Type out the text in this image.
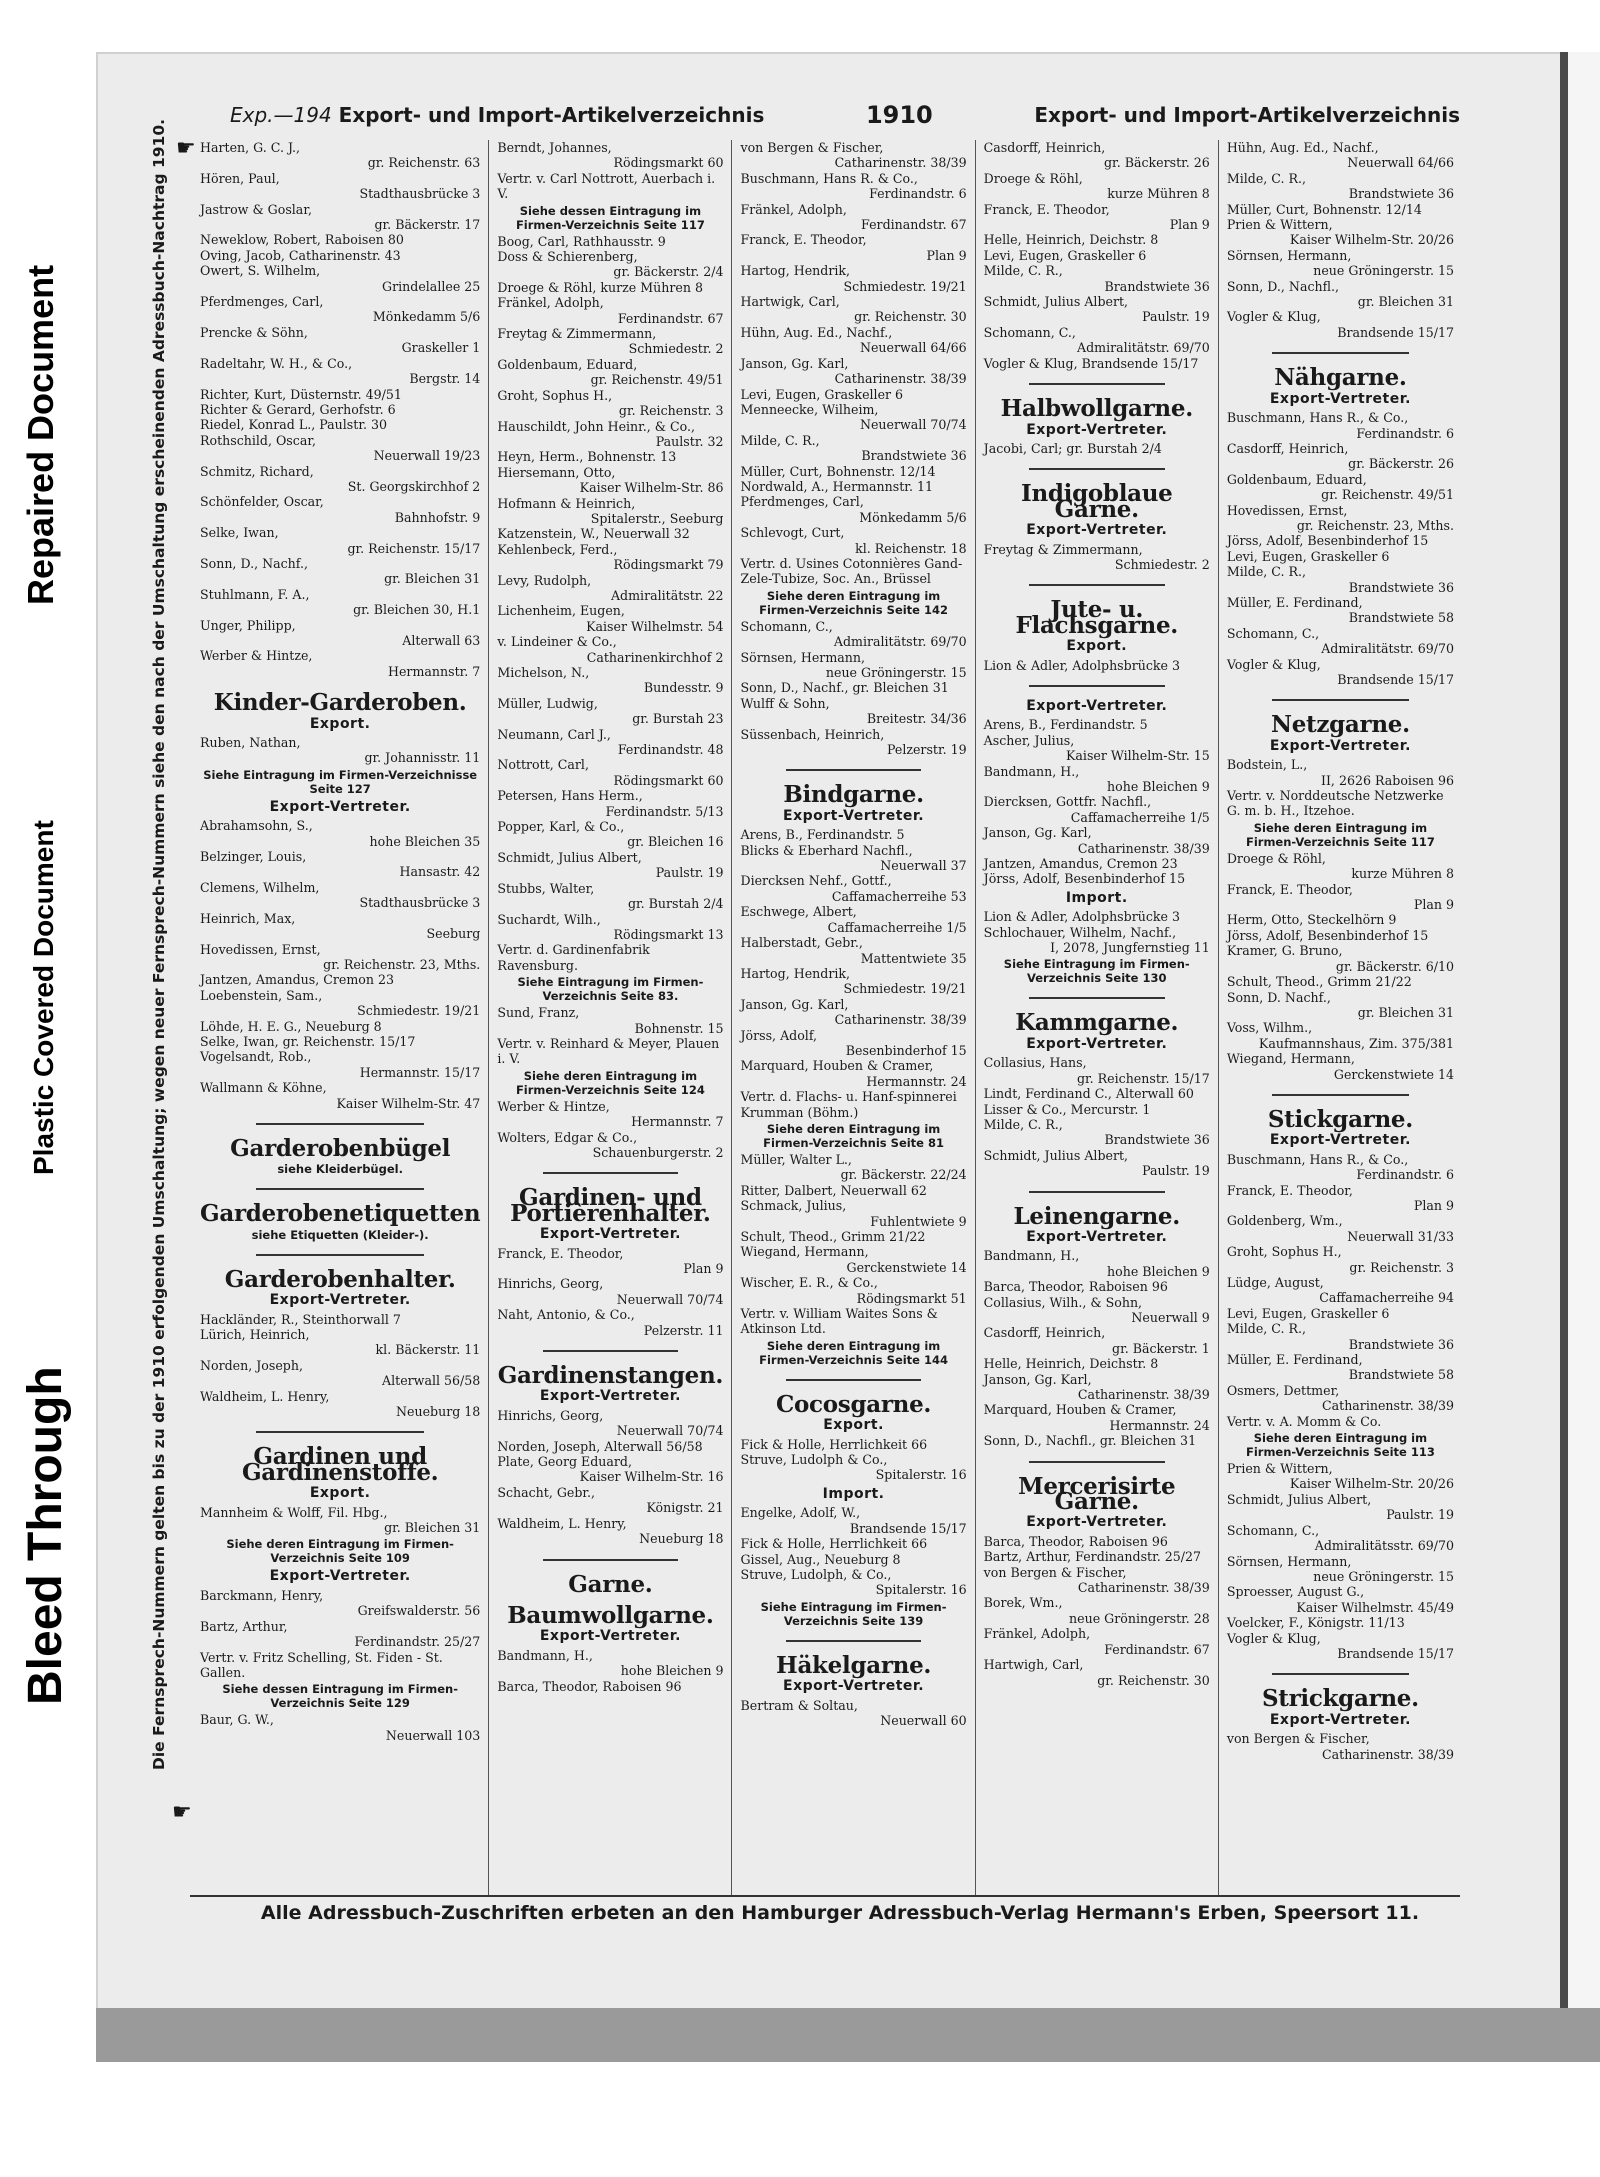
Repaired Document
Plastic Covered Document
Bleed Through
Exp.—194 Export- und Import-Artikelverzeichnis	1910	Export- und Import-Artikelverzeichnis
☛
Die Fernsprech-Nummern gelten bis zu der 1910 erfolgenden Umschaltung; wegen neuer Fernsprech-Nummern siehe den nach der Umschaltung erscheinenden Adressbuch-Nachtrag 1910.
☛
Harten, G. C. J.,
gr. Reichenstr. 63
Hören, Paul,
Stadthausbrücke 3
Jastrow & Goslar,
gr. Bäckerstr. 17
Neweklow, Robert, Raboisen 80
Oving, Jacob, Catharinenstr. 43
Owert, S. Wilhelm,
Grindelallee 25
Pferdmenges, Carl,
Mönkedamm 5/6
Prencke & Söhn,
Graskeller 1
Radeltahr, W. H., & Co.,
Bergstr. 14
Richter, Kurt, Düsternstr. 49/51
Richter & Gerard, Gerhofstr. 6
Riedel, Konrad L., Paulstr. 30
Rothschild, Oscar,
Neuerwall 19/23
Schmitz, Richard,
St. Georgskirchhof 2
Schönfelder, Oscar,
Bahnhofstr. 9
Selke, Iwan,
gr. Reichenstr. 15/17
Sonn, D., Nachf.,
gr. Bleichen 31
Stuhlmann, F. A.,
gr. Bleichen 30, H.1
Unger, Philipp,
Alterwall 63
Werber & Hintze,
Hermannstr. 7
Kinder-Garderoben.
Export.
Ruben, Nathan,
gr. Johannisstr. 11
Siehe Eintragung im Firmen-Verzeichnisse Seite 127
Export-Vertreter.
Abrahamsohn, S.,
hohe Bleichen 35
Belzinger, Louis,
Hansastr. 42
Clemens, Wilhelm,
Stadthausbrücke 3
Heinrich, Max,
Seeburg
Hovedissen, Ernst,
gr. Reichenstr. 23, Mths.
Jantzen, Amandus, Cremon 23
Loebenstein, Sam.,
Schmiedestr. 19/21
Löhde, H. E. G., Neueburg 8
Selke, Iwan, gr. Reichenstr. 15/17
Vogelsandt, Rob.,
Hermannstr. 15/17
Wallmann & Köhne,
Kaiser Wilhelm-Str. 47
Garderobenbügel
siehe Kleiderbügel.
Garderobenetiquetten
siehe Etiquetten (Kleider-).
Garderobenhalter.
Export-Vertreter.
Hackländer, R., Steinthorwall 7
Lürich, Heinrich,
kl. Bäckerstr. 11
Norden, Joseph,
Alterwall 56/58
Waldheim, L. Henry,
Neueburg 18
Gardinen und Gardinenstoffe.
Export.
Mannheim & Wolff, Fil. Hbg.,
gr. Bleichen 31
Siehe deren Eintragung im Firmen-Verzeichnis Seite 109
Export-Vertreter.
Barckmann, Henry,
Greifswalderstr. 56
Bartz, Arthur,
Ferdinandstr. 25/27
Vertr. v. Fritz Schelling, St. Fiden - St. Gallen.
Siehe dessen Eintragung im Firmen-Verzeichnis Seite 129
Baur, G. W.,
Neuerwall 103
Berndt, Johannes,
Rödingsmarkt 60
Vertr. v. Carl Nottrott, Auerbach i. V.
Siehe dessen Eintragung im Firmen-Verzeichnis Seite 117
Boog, Carl, Rathhausstr. 9
Doss & Schierenberg,
gr. Bäckerstr. 2/4
Droege & Röhl, kurze Mühren 8
Fränkel, Adolph,
Ferdinandstr. 67
Freytag & Zimmermann,
Schmiedestr. 2
Goldenbaum, Eduard,
gr. Reichenstr. 49/51
Groht, Sophus H.,
gr. Reichenstr. 3
Hauschildt, John Heinr., & Co.,
Paulstr. 32
Heyn, Herm., Bohnenstr. 13
Hiersemann, Otto,
Kaiser Wilhelm-Str. 86
Hofmann & Heinrich,
Spitalerstr., Seeburg
Katzenstein, W., Neuerwall 32
Kehlenbeck, Ferd.,
Rödingsmarkt 79
Levy, Rudolph,
Admiralitätstr. 22
Lichenheim, Eugen,
Kaiser Wilhelmstr. 54
v. Lindeiner & Co.,
Catharinenkirchhof 2
Michelson, N.,
Bundesstr. 9
Müller, Ludwig,
gr. Burstah 23
Neumann, Carl J.,
Ferdinandstr. 48
Nottrott, Carl,
Rödingsmarkt 60
Petersen, Hans Herm.,
Ferdinandstr. 5/13
Popper, Karl, & Co.,
gr. Bleichen 16
Schmidt, Julius Albert,
Paulstr. 19
Stubbs, Walter,
gr. Burstah 2/4
Suchardt, Wilh.,
Rödingsmarkt 13
Vertr. d. Gardinenfabrik Ravensburg.
Siehe Eintragung im Firmen-Verzeichnis Seite 83.
Sund, Franz,
Bohnenstr. 15
Vertr. v. Reinhard & Meyer, Plauen i. V.
Siehe deren Eintragung im Firmen-Verzeichnis Seite 124
Werber & Hintze,
Hermannstr. 7
Wolters, Edgar & Co.,
Schauenburgerstr. 2
Gardinen- und Portièrenhalter.
Export-Vertreter.
Franck, E. Theodor,
Plan 9
Hinrichs, Georg,
Neuerwall 70/74
Naht, Antonio, & Co.,
Pelzerstr. 11
Gardinenstangen.
Export-Vertreter.
Hinrichs, Georg,
Neuerwall 70/74
Norden, Joseph, Alterwall 56/58
Plate, Georg Eduard,
Kaiser Wilhelm-Str. 16
Schacht, Gebr.,
Königstr. 21
Waldheim, L. Henry,
Neueburg 18
Garne.
Baumwollgarne.
Export-Vertreter.
Bandmann, H.,
hohe Bleichen 9
Barca, Theodor, Raboisen 96
von Bergen & Fischer,
Catharinenstr. 38/39
Buschmann, Hans R. & Co.,
Ferdinandstr. 6
Fränkel, Adolph,
Ferdinandstr. 67
Franck, E. Theodor,
Plan 9
Hartog, Hendrik,
Schmiedestr. 19/21
Hartwigk, Carl,
gr. Reichenstr. 30
Hühn, Aug. Ed., Nachf.,
Neuerwall 64/66
Janson, Gg. Karl,
Catharinenstr. 38/39
Levi, Eugen, Graskeller 6
Menneecke, Wilheim,
Neuerwall 70/74
Milde, C. R.,
Brandstwiete 36
Müller, Curt, Bohnenstr. 12/14
Nordwald, A., Hermannstr. 11
Pferdmenges, Carl,
Mönkedamm 5/6
Schlevogt, Curt,
kl. Reichenstr. 18
Vertr. d. Usines Cotonnières Gand-Zele-Tubize, Soc. An., Brüssel
Siehe deren Eintragung im Firmen-Verzeichnis Seite 142
Schomann, C.,
Admiralitätstr. 69/70
Sörnsen, Hermann,
neue Gröningerstr. 15
Sonn, D., Nachf., gr. Bleichen 31
Wulff & Sohn,
Breitestr. 34/36
Süssenbach, Heinrich,
Pelzerstr. 19
Bindgarne.
Export-Vertreter.
Arens, B., Ferdinandstr. 5
Blicks & Eberhard Nachfl.,
Neuerwall 37
Diercksen Nehf., Gottf.,
Caffamacherreihe 53
Eschwege, Albert,
Caffamacherreihe 1/5
Halberstadt, Gebr.,
Mattentwiete 35
Hartog, Hendrik,
Schmiedestr. 19/21
Janson, Gg. Karl,
Catharinenstr. 38/39
Jörss, Adolf,
Besenbinderhof 15
Marquard, Houben & Cramer,
Hermannstr. 24
Vertr. d. Flachs- u. Hanf-spinnerei Krumman (Böhm.)
Siehe deren Eintragung im Firmen-Verzeichnis Seite 81
Müller, Walter L.,
gr. Bäckerstr. 22/24
Ritter, Dalbert, Neuerwall 62
Schmack, Julius,
Fuhlentwiete 9
Schult, Theod., Grimm 21/22
Wiegand, Hermann,
Gerckenstwiete 14
Wischer, E. R., & Co.,
Rödingsmarkt 51
Vertr. v. William Waites Sons & Atkinson Ltd.
Siehe deren Eintragung im Firmen-Verzeichnis Seite 144
Cocosgarne.
Export.
Fick & Holle, Herrlichkeit 66
Struve, Ludolph & Co.,
Spitalerstr. 16
Import.
Engelke, Adolf, W.,
Brandsende 15/17
Fick & Holle, Herrlichkeit 66
Gissel, Aug., Neueburg 8
Struve, Ludolph, & Co.,
Spitalerstr. 16
Siehe Eintragung im Firmen-Verzeichnis Seite 139
Häkelgarne.
Export-Vertreter.
Bertram & Soltau,
Neuerwall 60
Casdorff, Heinrich,
gr. Bäckerstr. 26
Droege & Röhl,
kurze Mühren 8
Franck, E. Theodor,
Plan 9
Helle, Heinrich, Deichstr. 8
Levi, Eugen, Graskeller 6
Milde, C. R.,
Brandstwiete 36
Schmidt, Julius Albert,
Paulstr. 19
Schomann, C.,
Admiralitätstr. 69/70
Vogler & Klug, Brandsende 15/17
Halbwollgarne.
Export-Vertreter.
Jacobi, Carl; gr. Burstah 2/4
Indigoblaue Garne.
Export-Vertreter.
Freytag & Zimmermann,
Schmiedestr. 2
Jute- u. Flachsgarne.
Export.
Lion & Adler, Adolphsbrücke 3
Export-Vertreter.
Arens, B., Ferdinandstr. 5
Ascher, Julius,
Kaiser Wilhelm-Str. 15
Bandmann, H.,
hohe Bleichen 9
Diercksen, Gottfr. Nachfl.,
Caffamacherreihe 1/5
Janson, Gg. Karl,
Catharinenstr. 38/39
Jantzen, Amandus, Cremon 23
Jörss, Adolf, Besenbinderhof 15
Import.
Lion & Adler, Adolphsbrücke 3
Schlochauer, Wilhelm, Nachf.,
I, 2078, Jungfernstieg 11
Siehe Eintragung im Firmen-Verzeichnis Seite 130
Kammgarne.
Export-Vertreter.
Collasius, Hans,
gr. Reichenstr. 15/17
Lindt, Ferdinand C., Alterwall 60
Lisser & Co., Mercurstr. 1
Milde, C. R.,
Brandstwiete 36
Schmidt, Julius Albert,
Paulstr. 19
Leinengarne.
Export-Vertreter.
Bandmann, H.,
hohe Bleichen 9
Barca, Theodor, Raboisen 96
Collasius, Wilh., & Sohn,
Neuerwall 9
Casdorff, Heinrich,
gr. Bäckerstr. 1
Helle, Heinrich, Deichstr. 8
Janson, Gg. Karl,
Catharinenstr. 38/39
Marquard, Houben & Cramer,
Hermannstr. 24
Sonn, D., Nachfl., gr. Bleichen 31
Mercerisirte Garne.
Export-Vertreter.
Barca, Theodor, Raboisen 96
Bartz, Arthur, Ferdinandstr. 25/27
von Bergen & Fischer,
Catharinenstr. 38/39
Borek, Wm.,
neue Gröningerstr. 28
Fränkel, Adolph,
Ferdinandstr. 67
Hartwigh, Carl,
gr. Reichenstr. 30
Hühn, Aug. Ed., Nachf.,
Neuerwall 64/66
Milde, C. R.,
Brandstwiete 36
Müller, Curt, Bohnenstr. 12/14
Prien & Wittern,
Kaiser Wilhelm-Str. 20/26
Sörnsen, Hermann,
neue Gröningerstr. 15
Sonn, D., Nachfl.,
gr. Bleichen 31
Vogler & Klug,
Brandsende 15/17
Nähgarne.
Export-Vertreter.
Buschmann, Hans R., & Co.,
Ferdinandstr. 6
Casdorff, Heinrich,
gr. Bäckerstr. 26
Goldenbaum, Eduard,
gr. Reichenstr. 49/51
Hovedissen, Ernst,
gr. Reichenstr. 23, Mths.
Jörss, Adolf, Besenbinderhof 15
Levi, Eugen, Graskeller 6
Milde, C. R.,
Brandstwiete 36
Müller, E. Ferdinand,
Brandstwiete 58
Schomann, C.,
Admiralitätstr. 69/70
Vogler & Klug,
Brandsende 15/17
Netzgarne.
Export-Vertreter.
Bodstein, L.,
II, 2626 Raboisen 96
Vertr. v. Norddeutsche Netzwerke G. m. b. H., Itzehoe.
Siehe deren Eintragung im Firmen-Verzeichnis Seite 117
Droege & Röhl,
kurze Mühren 8
Franck, E. Theodor,
Plan 9
Herm, Otto, Steckelhörn 9
Jörss, Adolf, Besenbinderhof 15
Kramer, G. Bruno,
gr. Bäckerstr. 6/10
Schult, Theod., Grimm 21/22
Sonn, D. Nachf.,
gr. Bleichen 31
Voss, Wilhm.,
Kaufmannshaus, Zim. 375/381
Wiegand, Hermann,
Gerckenstwiete 14
Stickgarne.
Export-Vertreter.
Buschmann, Hans R., & Co.,
Ferdinandstr. 6
Franck, E. Theodor,
Plan 9
Goldenberg, Wm.,
Neuerwall 31/33
Groht, Sophus H.,
gr. Reichenstr. 3
Lüdge, August,
Caffamacherreihe 94
Levi, Eugen, Graskeller 6
Milde, C. R.,
Brandstwiete 36
Müller, E. Ferdinand,
Brandstwiete 58
Osmers, Dettmer,
Catharinenstr. 38/39
Vertr. v. A. Momm & Co.
Siehe deren Eintragung im Firmen-Verzeichnis Seite 113
Prien & Wittern,
Kaiser Wilhelm-Str. 20/26
Schmidt, Julius Albert,
Paulstr. 19
Schomann, C.,
Admiralitätsstr. 69/70
Sörnsen, Hermann,
neue Gröningerstr. 15
Sproesser, August G.,
Kaiser Wilhelmstr. 45/49
Voelcker, F., Königstr. 11/13
Vogler & Klug,
Brandsende 15/17
Strickgarne.
Export-Vertreter.
von Bergen & Fischer,
Catharinenstr. 38/39
Alle Adressbuch-Zuschriften erbeten an den Hamburger Adressbuch-Verlag Hermann's Erben, Speersort 11.
